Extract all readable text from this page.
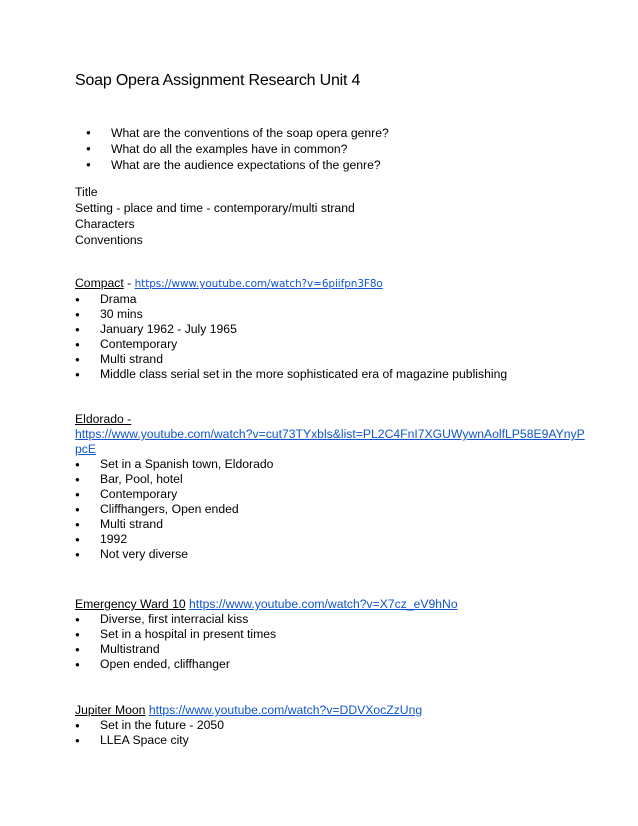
Soap Opera Assignment Research Unit 4
● What are the conventions of the soap opera genre?
● What do all the examples have in common?
● What are the audience expectations of the genre?
Title
Setting - place and time - contemporary/multi strand
Characters
Conventions
Compact - https://www.youtube.com/watch?v=6piifpn3F8o
● Drama
● 30 mins
● January 1962 - July 1965
● Contemporary
● Multi strand
● Middle class serial set in the more sophisticated era of magazine publishing
Eldorado -
https://www.youtube.com/watch?v=cut73TYxbls&list=PL2C4FnI7XGUWywnAolfLP58E9AYnyP
pcE
● Set in a Spanish town, Eldorado
● Bar, Pool, hotel
● Contemporary
● Cliffhangers, Open ended
● Multi strand
● 1992
● Not very diverse
Emergency Ward 10 https://www.youtube.com/watch?v=X7cz_eV9hNo
● Diverse, first interracial kiss
● Set in a hospital in present times
● Multistrand
● Open ended, cliffhanger
Jupiter Moon https://www.youtube.com/watch?v=DDVXocZzUng
● Set in the future - 2050
● LLEA Space city
